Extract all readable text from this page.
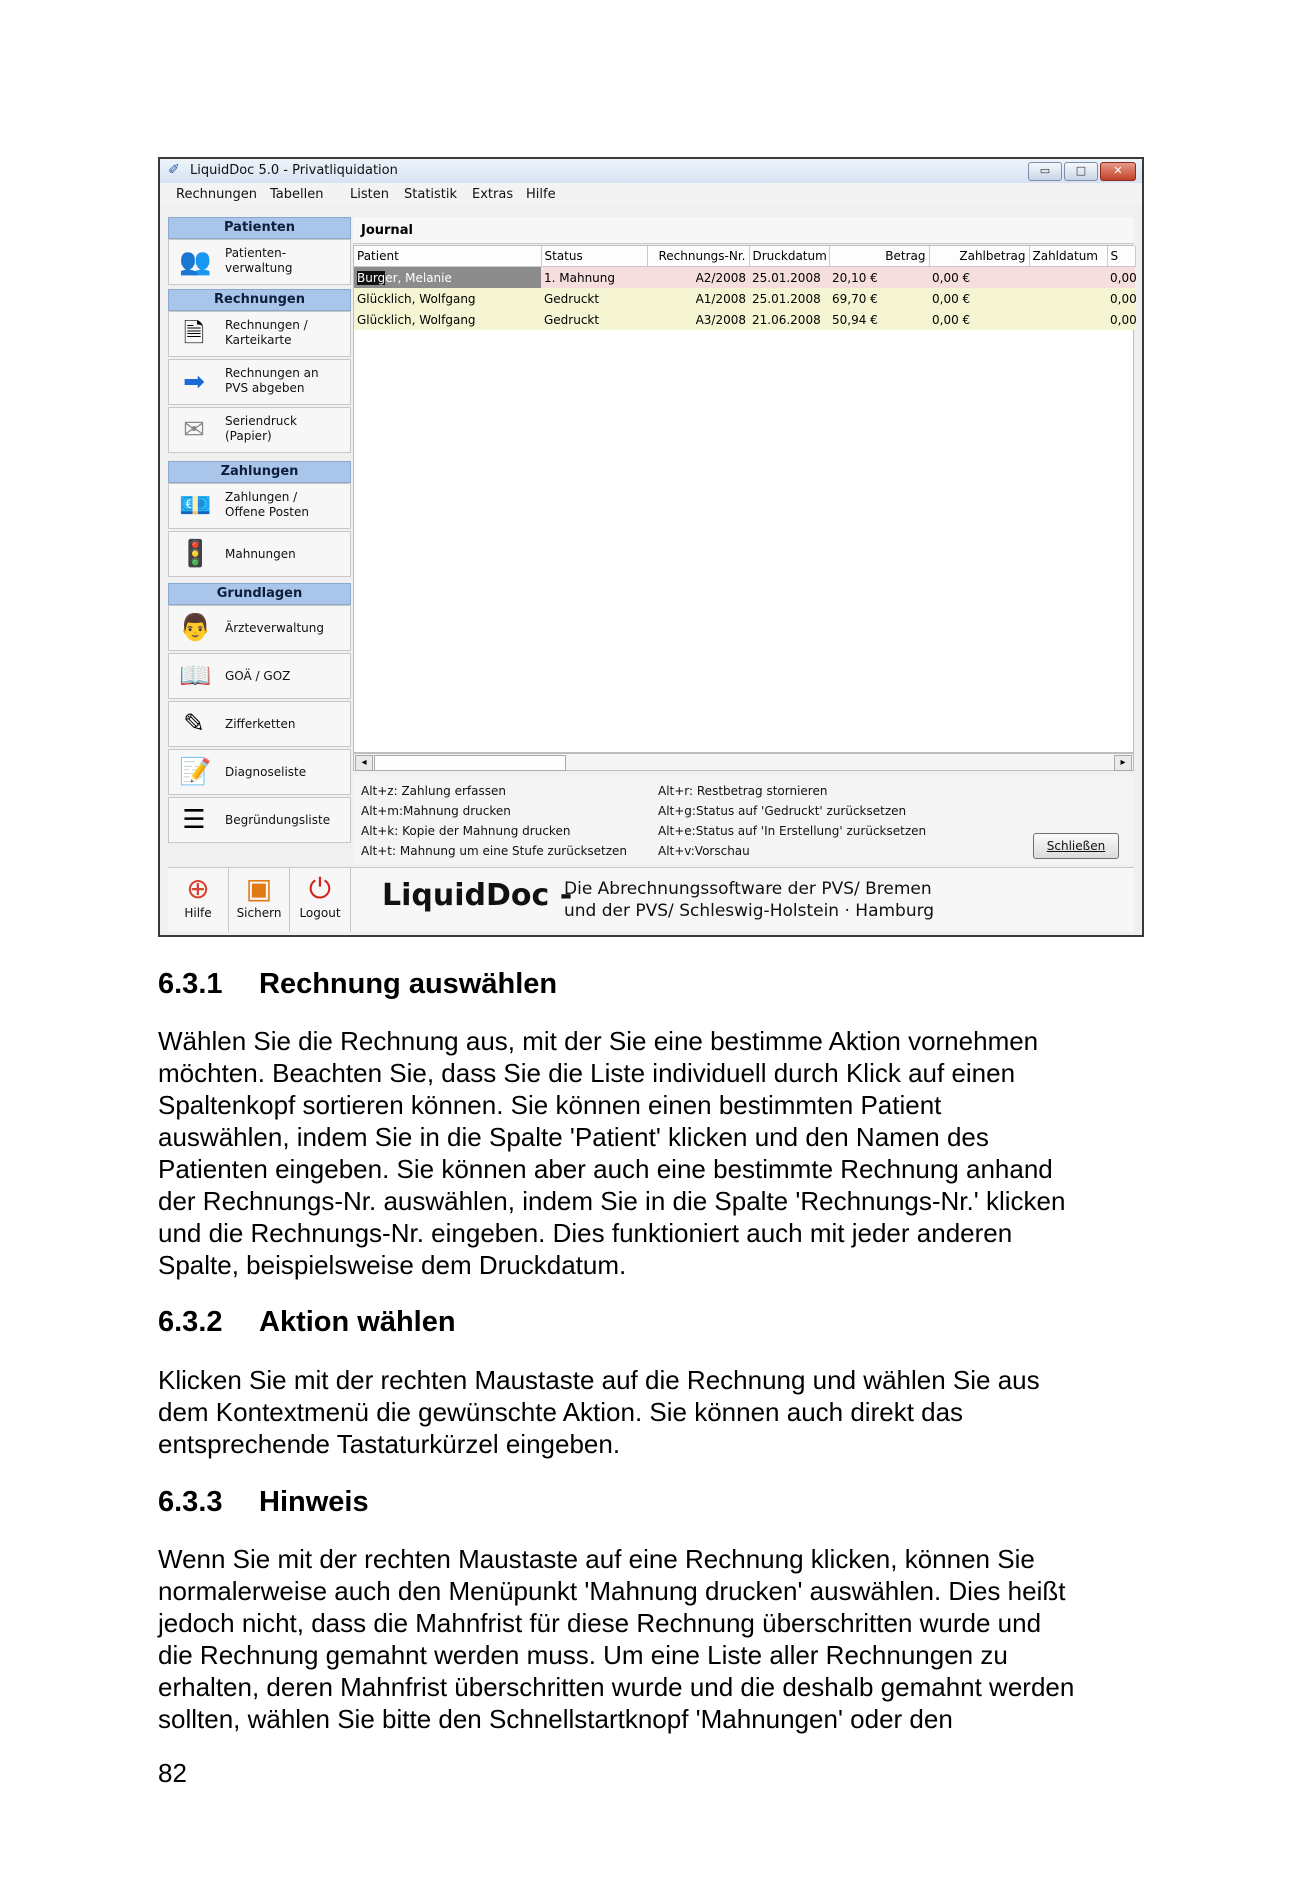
✐ LiquidDoc 5.0 - Privatliquidation	▭	□	✕
Rechnungen Tabellen Listen Statistik Extras Hilfe
Patienten
👥 Patienten-
verwaltung
Rechnungen
🗎	Rechnungen /
Karteikarte
➡	Rechnungen an
PVS abgeben
✉	Seriendruck
(Papier)
Zahlungen
💶 Zahlungen /
Offene Posten
🚦 Mahnungen
Grundlagen
👨 Ärzteverwaltung
📖 GOÄ / GOZ
✎	Zifferketten
📝 Diagnoseliste
☰ Begründungsliste
Journal
Patient	Status	Rechnungs-Nr.	Druckdatum	Betrag	Zahlbetrag	Zahldatum	S
Burger, Melanie	1. Mahnung	A2/2008	25.01.2008	20,10 €	0,00 €		0,00
Glücklich, Wolfgang	Gedruckt	A1/2008	25.01.2008	69,70 €	0,00 €		0,00
Glücklich, Wolfgang	Gedruckt	A3/2008	21.06.2008	50,94 €	0,00 €		0,00
◂	▸
Alt+z: Zahlung erfassen
Alt+m:Mahnung drucken
Alt+k: Kopie der Mahnung drucken
Alt+t: Mahnung um eine Stufe zurücksetzen
Alt+r: Restbetrag stornieren
Alt+g:Status auf 'Gedruckt' zurücksetzen
Alt+e:Status auf 'In Erstellung' zurücksetzen
Alt+v:Vorschau	Schließen
⊕
Hilfe
▣
Sichern
⏻
Logout	LiquidDoc -
Die Abrechnungssoftware der PVS/ Bremen
und der PVS/ Schleswig-Holstein · Hamburg
6.3.1 Rechnung auswählen
Wählen Sie die Rechnung aus, mit der Sie eine bestimme Aktion vornehmen
möchten. Beachten Sie, dass Sie die Liste individuell durch Klick auf einen
Spaltenkopf sortieren können. Sie können einen bestimmten Patient
auswählen, indem Sie in die Spalte 'Patient' klicken und den Namen des
Patienten eingeben. Sie können aber auch eine bestimmte Rechnung anhand
der Rechnungs-Nr. auswählen, indem Sie in die Spalte 'Rechnungs-Nr.' klicken
und die Rechnungs-Nr. eingeben. Dies funktioniert auch mit jeder anderen
Spalte, beispielsweise dem Druckdatum.
6.3.2 Aktion wählen
Klicken Sie mit der rechten Maustaste auf die Rechnung und wählen Sie aus
dem Kontextmenü die gewünschte Aktion. Sie können auch direkt das
entsprechende Tastaturkürzel eingeben.
6.3.3 Hinweis
Wenn Sie mit der rechten Maustaste auf eine Rechnung klicken, können Sie
normalerweise auch den Menüpunkt 'Mahnung drucken' auswählen. Dies heißt
jedoch nicht, dass die Mahnfrist für diese Rechnung überschritten wurde und
die Rechnung gemahnt werden muss. Um eine Liste aller Rechnungen zu
erhalten, deren Mahnfrist überschritten wurde und die deshalb gemahnt werden
sollten, wählen Sie bitte den Schnellstartknopf 'Mahnungen' oder den
82
